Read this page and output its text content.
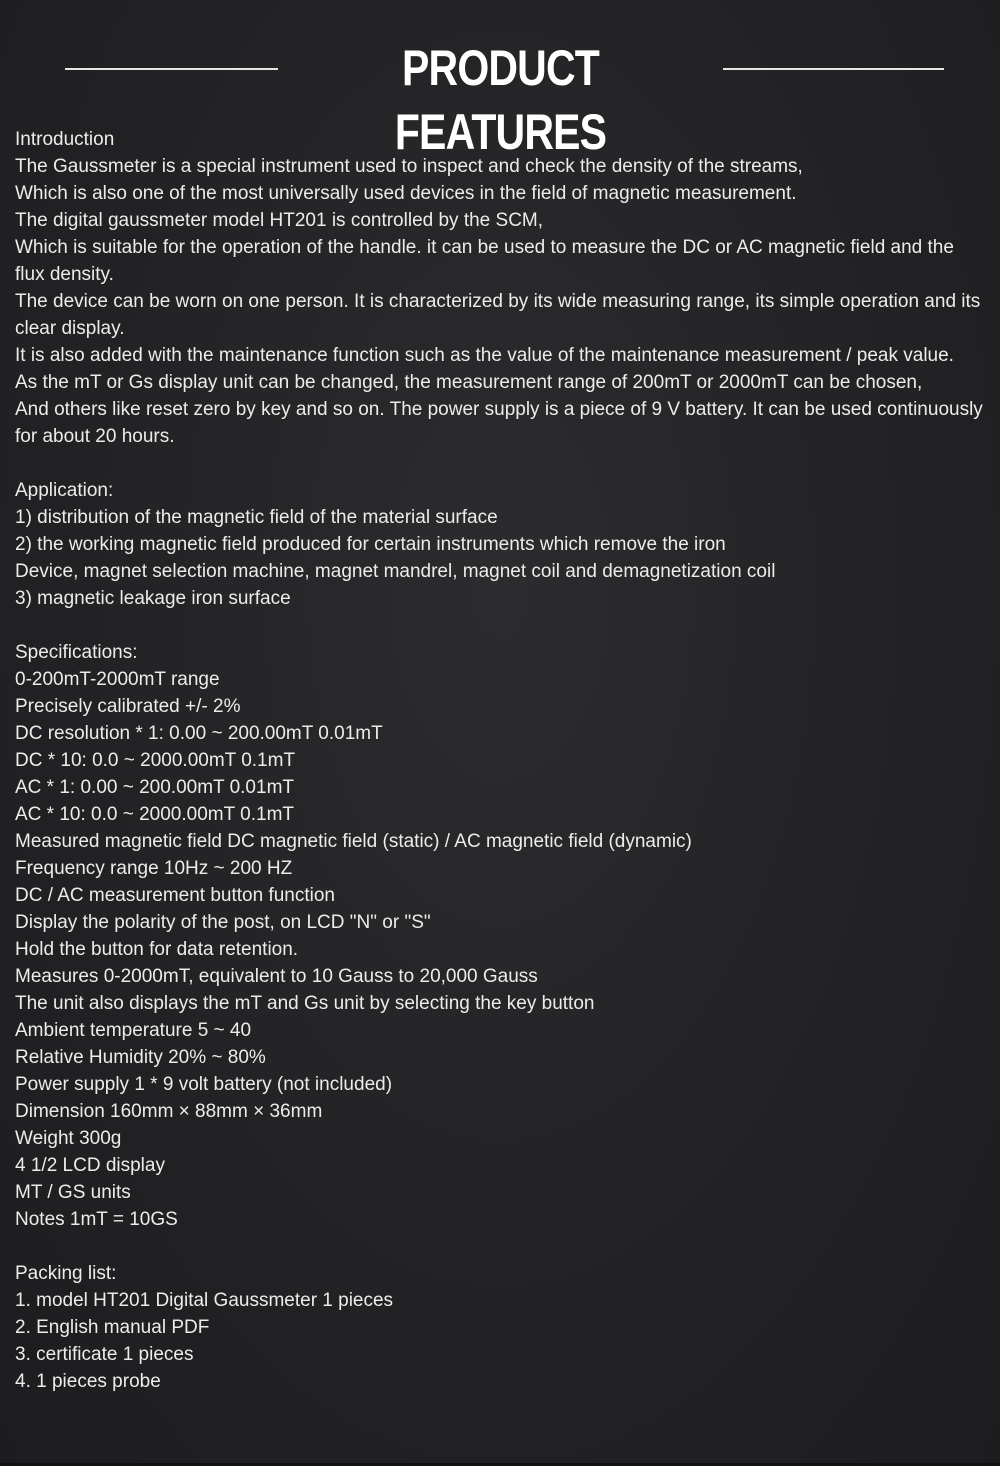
PRODUCT FEATURES
Introduction
The Gaussmeter is a special instrument used to inspect and check the density of the streams,
Which is also one of the most universally used devices in the field of magnetic measurement.
The digital gaussmeter model HT201 is controlled by the SCM,
Which is suitable for the operation of the handle. it can be used to measure the DC or AC magnetic field and the flux density.
The device can be worn on one person. It is characterized by its wide measuring range, its simple operation and its clear display.
It is also added with the maintenance function such as the value of the maintenance measurement / peak value.
As the mT or Gs display unit can be changed, the measurement range of 200mT or 2000mT can be chosen,
And others like reset zero by key and so on. The power supply is a piece of 9 V battery. It can be used continuously for about 20 hours.
Application:
1) distribution of the magnetic field of the material surface
2) the working magnetic field produced for certain instruments which remove the iron
Device, magnet selection machine, magnet mandrel, magnet coil and demagnetization coil
3) magnetic leakage iron surface
Specifications:
0-200mT-2000mT range
Precisely calibrated +/- 2%
DC resolution * 1: 0.00 ~ 200.00mT 0.01mT
DC * 10: 0.0 ~ 2000.00mT 0.1mT
AC * 1: 0.00 ~ 200.00mT 0.01mT
AC * 10: 0.0 ~ 2000.00mT 0.1mT
Measured magnetic field DC magnetic field (static) / AC magnetic field (dynamic)
Frequency range 10Hz ~ 200 HZ
DC / AC measurement button function
Display the polarity of the post, on LCD "N" or "S"
Hold the button for data retention.
Measures 0-2000mT, equivalent to 10 Gauss to 20,000 Gauss
The unit also displays the mT and Gs unit by selecting the key button
Ambient temperature 5 ~ 40
Relative Humidity 20% ~ 80%
Power supply 1 * 9 volt battery (not included)
Dimension 160mm × 88mm × 36mm
Weight 300g
4 1/2 LCD display
MT / GS units
Notes 1mT = 10GS
Packing list:
1. model HT201 Digital Gaussmeter 1 pieces
2. English manual PDF
3. certificate 1 pieces
4. 1 pieces probe
